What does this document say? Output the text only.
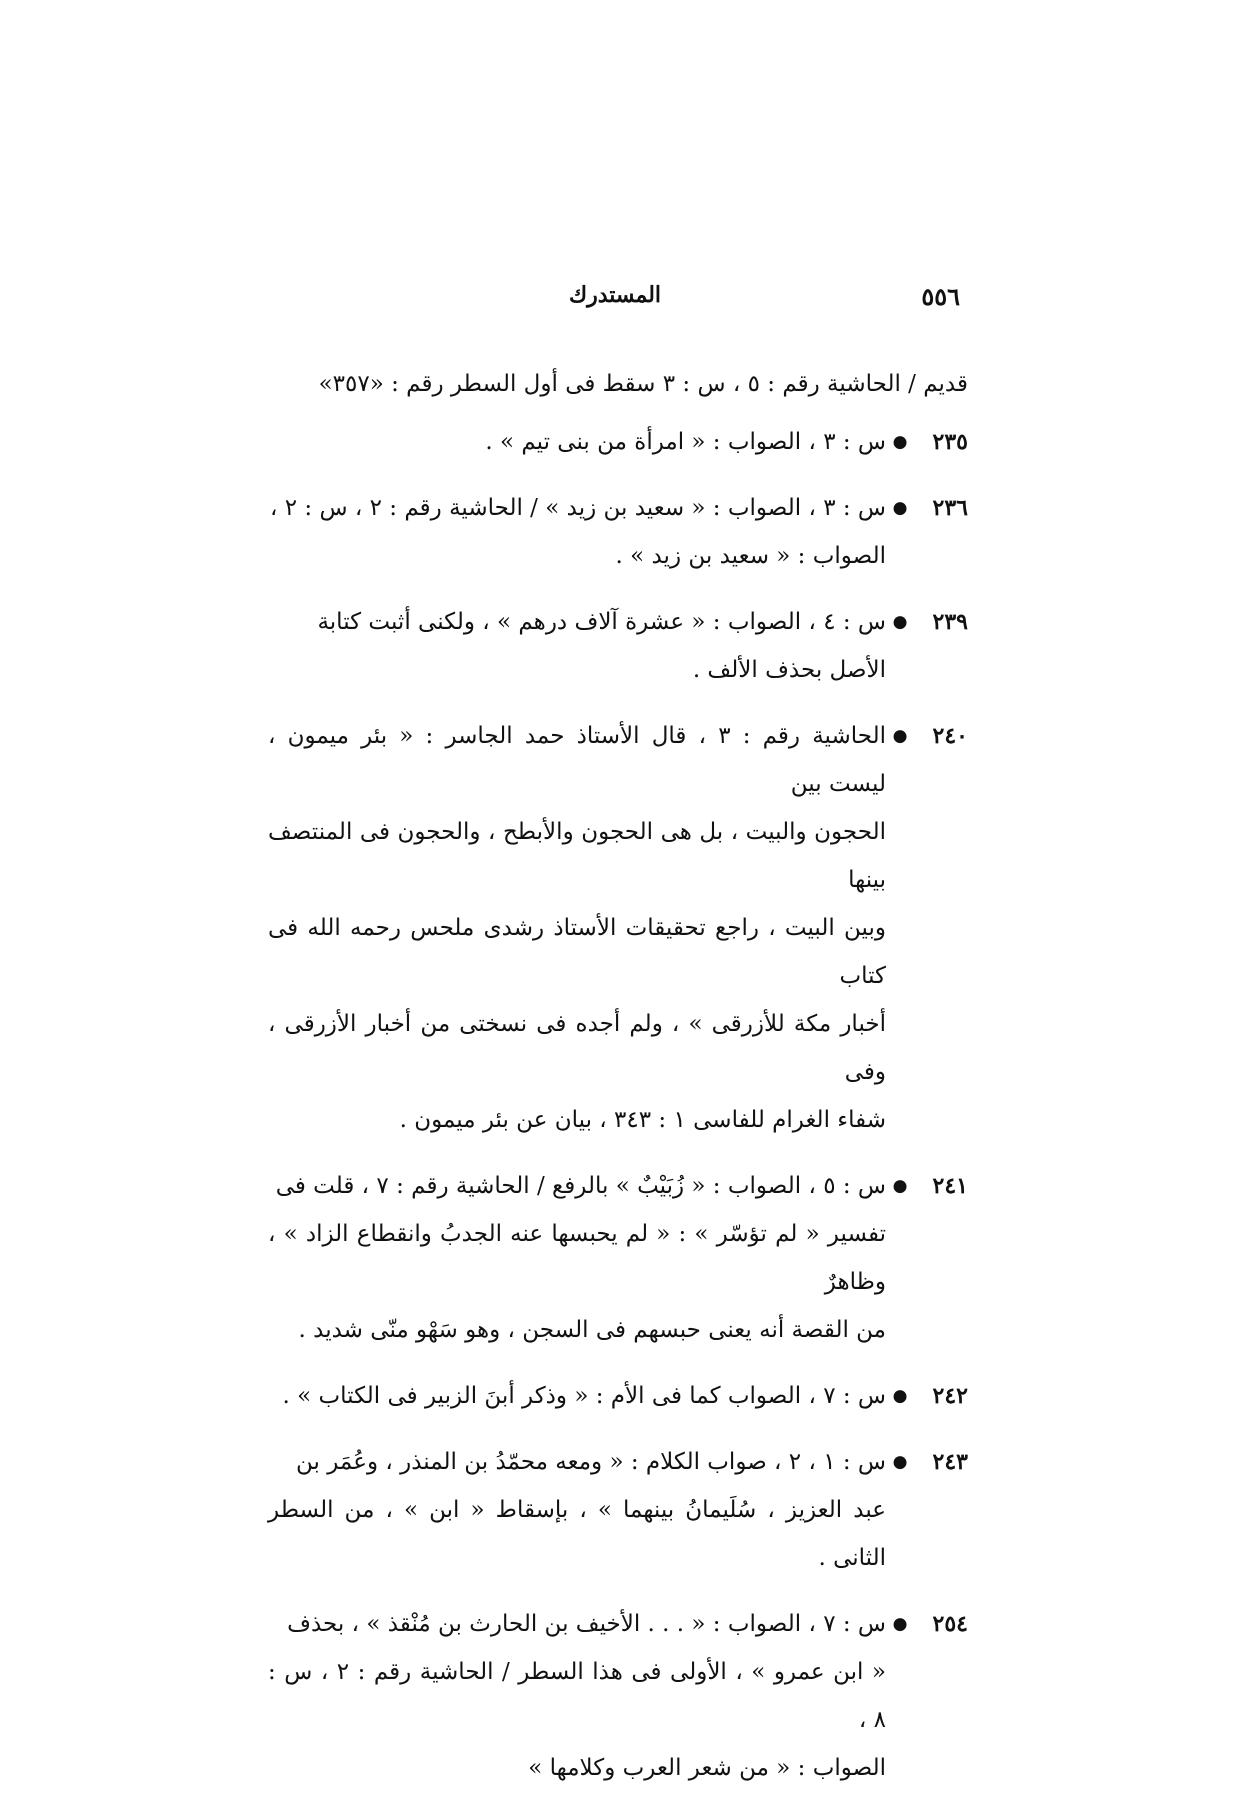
٥٥٦
المستدرك

قديم / الحاشية رقم : ٥ ، س : ٣ سقط فى أول السطر رقم : «٣٥٧»

٢٣٥
●

س : ٣ ، الصواب : « امرأة من بنى تيم » .

٢٣٦
●

س : ٣ ، الصواب : « سعيد بن زيد » / الحاشية رقم : ٢ ، س : ٢ ،

الصواب : « سعيد بن زيد » .

٢٣٩
●

س : ٤ ، الصواب : « عشرة آلاف درهم » ، ولكنى أثبت كتابة

الأصل بحذف الألف .

٢٤٠
●

الحاشية رقم : ٣ ، قال الأستاذ حمد الجاسر : « بئر ميمون ، ليست بين

الحجون والبيت ، بل هى الحجون والأبطح ، والحجون فى المنتصف بينها

وبين البيت ، راجع تحقيقات الأستاذ رشدى ملحس رحمه الله فى كتاب

أخبار مكة للأزرقى » ، ولم أجده فى نسختى من أخبار الأزرقى ، وفى

شفاء الغرام للفاسى ١ : ٣٤٣ ، بيان عن بئر ميمون .

٢٤١
●

س : ٥ ، الصواب : « زُبَيْبٌ » بالرفع / الحاشية رقم : ٧ ، قلت فى

تفسير « لم تؤسّر » : « لم يحبسها عنه الجدبُ وانقطاع الزاد » ، وظاهرٌ

من القصة أنه يعنى حبسهم فى السجن ، وهو سَهْو منّى شديد .

٢٤٢
●

س : ٧ ، الصواب كما فى الأم : « وذكر أبنَ الزبير فى الكتاب » .

٢٤٣
●

س : ١ ، ٢ ، صواب الكلام : « ومعه محمّدُ بن المنذر ، وعُمَر بن

عبد العزيز ، سُلَيمانُ بينهما » ، بإسقاط « ابن » ، من السطر الثانى .

٢٥٤
●

س : ٧ ، الصواب : « . . . الأخيف بن الحارث بن مُنْقذ » ، بحذف

« ابن عمرو » ، الأولى فى هذا السطر / الحاشية رقم : ٢ ، س : ٨ ،

الصواب : « من شعر العرب وكلامها »
